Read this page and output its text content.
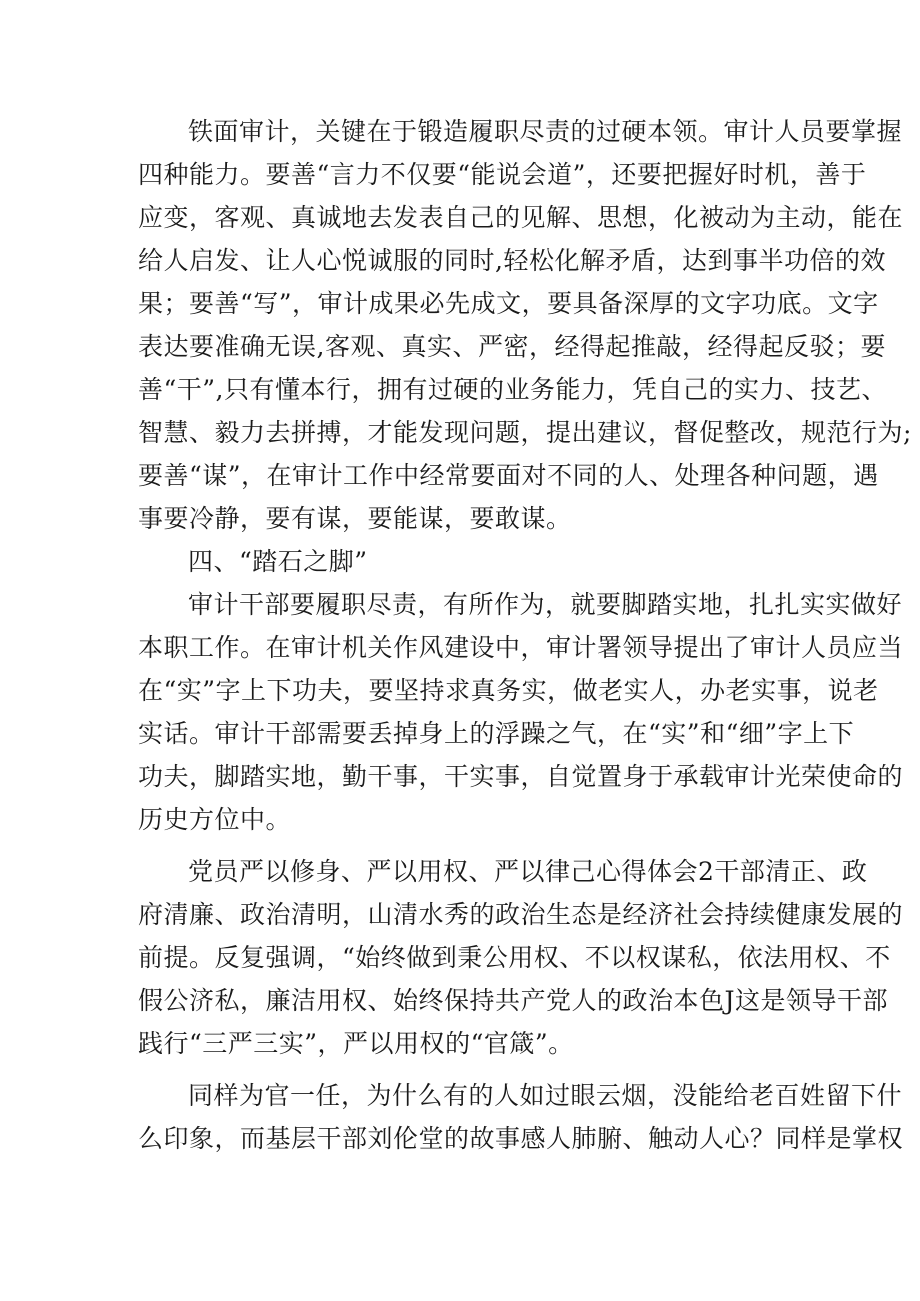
铁面审计，关键在于锻造履职尽责的过硬本领。审计人员要掌握
四种能力。要善“言力不仅要“能说会道”，还要把握好时机，善于
应变，客观、真诚地去发表自己的见解、思想，化被动为主动，能在
给人启发、让人心悦诚服的同时,轻松化解矛盾，达到事半功倍的效
果；要善“写”，审计成果必先成文，要具备深厚的文字功底。文字
表达要准确无误,客观、真实、严密，经得起推敲，经得起反驳；要
善“干”,只有懂本行，拥有过硬的业务能力，凭自己的实力、技艺、
智慧、毅力去拼搏，才能发现问题，提出建议，督促整改，规范行为;
要善“谋”，在审计工作中经常要面对不同的人、处理各种问题，遇
事要冷静，要有谋，要能谋，要敢谋。
四、“踏石之脚”
审计干部要履职尽责，有所作为，就要脚踏实地，扎扎实实做好
本职工作。在审计机关作风建设中，审计署领导提出了审计人员应当
在“实”字上下功夫，要坚持求真务实，做老实人，办老实事，说老
实话。审计干部需要丢掉身上的浮躁之气，在“实”和“细”字上下
功夫，脚踏实地，勤干事，干实事，自觉置身于承载审计光荣使命的
历史方位中。
党员严以修身、严以用权、严以律己心得体会2干部清正、政
府清廉、政治清明，山清水秀的政治生态是经济社会持续健康发展的
前提。反复强调，“始终做到秉公用权、不以权谋私，依法用权、不
假公济私，廉洁用权、始终保持共产党人的政治本色J这是领导干部
践行“三严三实”，严以用权的“官箴”。
同样为官一任，为什么有的人如过眼云烟，没能给老百姓留下什
么印象，而基层干部刘伦堂的故事感人肺腑、触动人心？同样是掌权
